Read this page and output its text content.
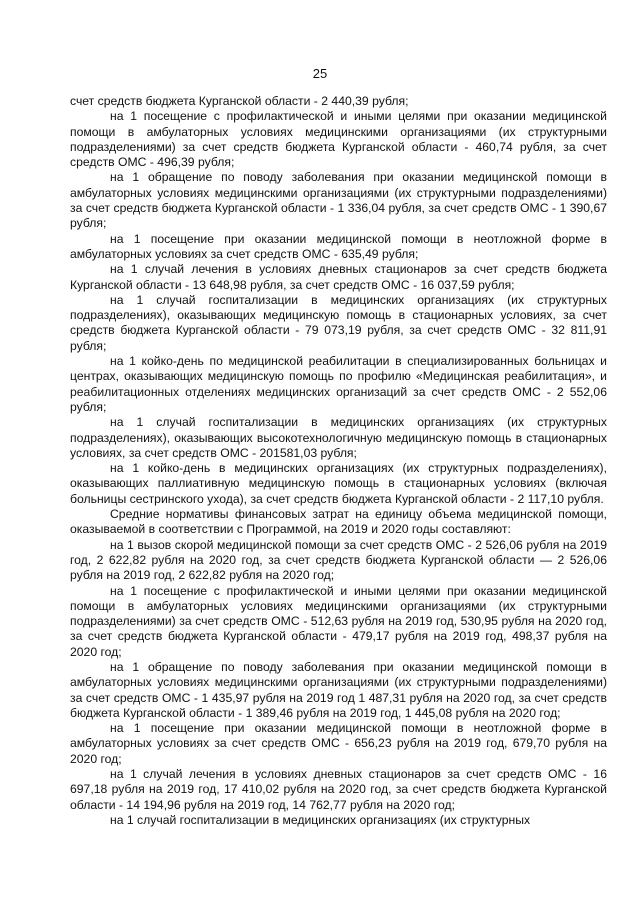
25

счет средств бюджета Курганской области - 2 440,39 рубля;

на 1 посещение с профилактической и иными целями при оказании медицинской помощи в амбулаторных условиях медицинскими организациями (их структурными подразделениями) за счет средств бюджета Курганской области - 460,74 рубля, за счет средств ОМС - 496,39 рубля;

на 1 обращение по поводу заболевания при оказании медицинской помощи в амбулаторных условиях медицинскими организациями (их структурными подразделениями) за счет средств бюджета Курганской области - 1 336,04 рубля, за счет средств ОМС - 1 390,67 рубля;

на 1 посещение при оказании медицинской помощи в неотложной форме в амбулаторных условиях за счет средств ОМС - 635,49 рубля;

на 1 случай лечения в условиях дневных стационаров за счет средств бюджета Курганской области - 13 648,98 рубля, за счет средств ОМС - 16 037,59 рубля;

на 1 случай госпитализации в медицинских организациях (их структурных подразделениях), оказывающих медицинскую помощь в стационарных условиях, за счет средств бюджета Курганской области - 79 073,19 рубля, за счет средств ОМС - 32 811,91 рубля;

на 1 койко-день по медицинской реабилитации в специализированных больницах и центрах, оказывающих медицинскую помощь по профилю «Медицинская реабилитация», и реабилитационных отделениях медицинских организаций за счет средств ОМС - 2 552,06 рубля;

на 1 случай госпитализации в медицинских организациях (их структурных подразделениях), оказывающих высокотехнологичную медицинскую помощь в стационарных условиях, за счет средств ОМС - 201581,03 рубля;

на 1 койко-день в медицинских организациях (их структурных подразделениях), оказывающих паллиативную медицинскую помощь в стационарных условиях (включая больницы сестринского ухода), за счет средств бюджета Курганской области - 2 117,10 рубля.

Средние нормативы финансовых затрат на единицу объема медицинской помощи, оказываемой в соответствии с Программой, на 2019 и 2020 годы составляют:

на 1 вызов скорой медицинской помощи за счет средств ОМС - 2 526,06 рубля на 2019 год, 2 622,82 рубля на 2020 год, за счет средств бюджета Курганской области — 2 526,06 рубля на 2019 год, 2 622,82 рубля на 2020 год;

на 1 посещение с профилактической и иными целями при оказании медицинской помощи в амбулаторных условиях медицинскими организациями (их структурными подразделениями) за счет средств ОМС - 512,63 рубля на 2019 год, 530,95 рубля на 2020 год, за счет средств бюджета Курганской области - 479,17 рубля на 2019 год, 498,37 рубля на 2020 год;

на 1 обращение по поводу заболевания при оказании медицинской помощи в амбулаторных условиях медицинскими организациями (их структурными подразделениями) за счет средств ОМС - 1 435,97 рубля на 2019 год 1 487,31 рубля на 2020 год, за счет средств бюджета Курганской области - 1 389,46 рубля на 2019 год, 1 445,08 рубля на 2020 год;

на 1 посещение при оказании медицинской помощи в неотложной форме в амбулаторных условиях за счет средств ОМС - 656,23 рубля на 2019 год, 679,70 рубля на 2020 год;

на 1 случай лечения в условиях дневных стационаров за счет средств ОМС - 16 697,18 рубля на 2019 год, 17 410,02 рубля на 2020 год, за счет средств бюджета Курганской области - 14 194,96 рубля на 2019 год, 14 762,77 рубля на 2020 год;

на 1 случай госпитализации в медицинских организациях (их структурных
